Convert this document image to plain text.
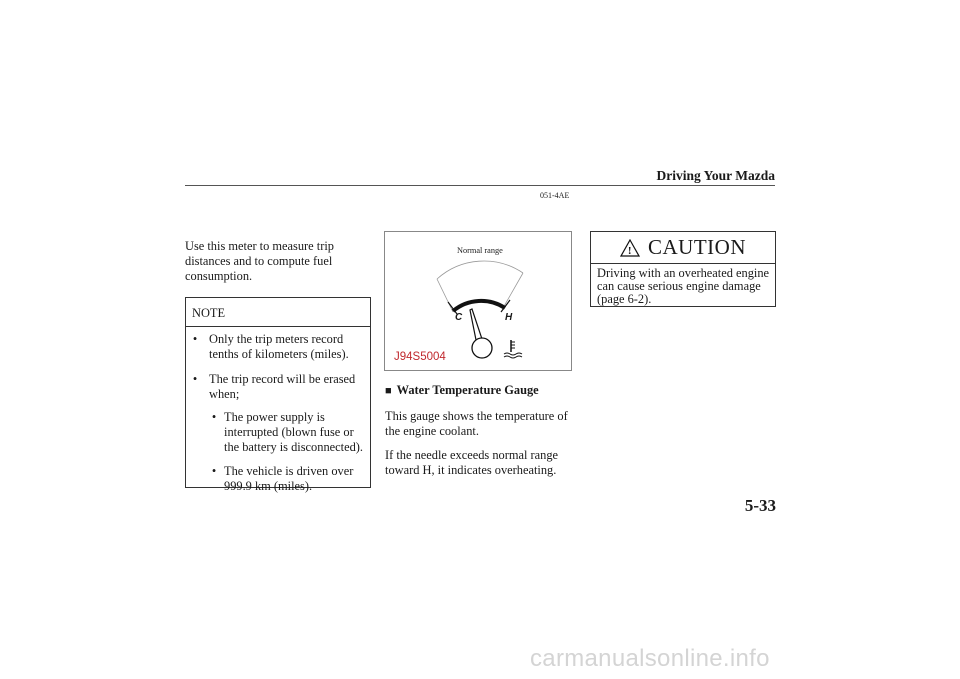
Driving Your Mazda
051-4AE
Use this meter to measure trip
distances and to compute fuel
consumption.
NOTE
• Only the trip meters record
tenths of kilometers (miles).
• The trip record will be erased
when;
• The power supply is
interrupted (blown fuse or
the battery is disconnected).
• The vehicle is driven over
999.9 km (miles).
Normal range
J94S5004
C	H
■ Water Temperature Gauge

This gauge shows the temperature of
the engine coolant.

If the needle exceeds normal range
toward H, it indicates overheating.

! CAUTION
Driving with an overheated engine
can cause serious engine damage
(page 6-2).
5-33
carmanualsonline.info
